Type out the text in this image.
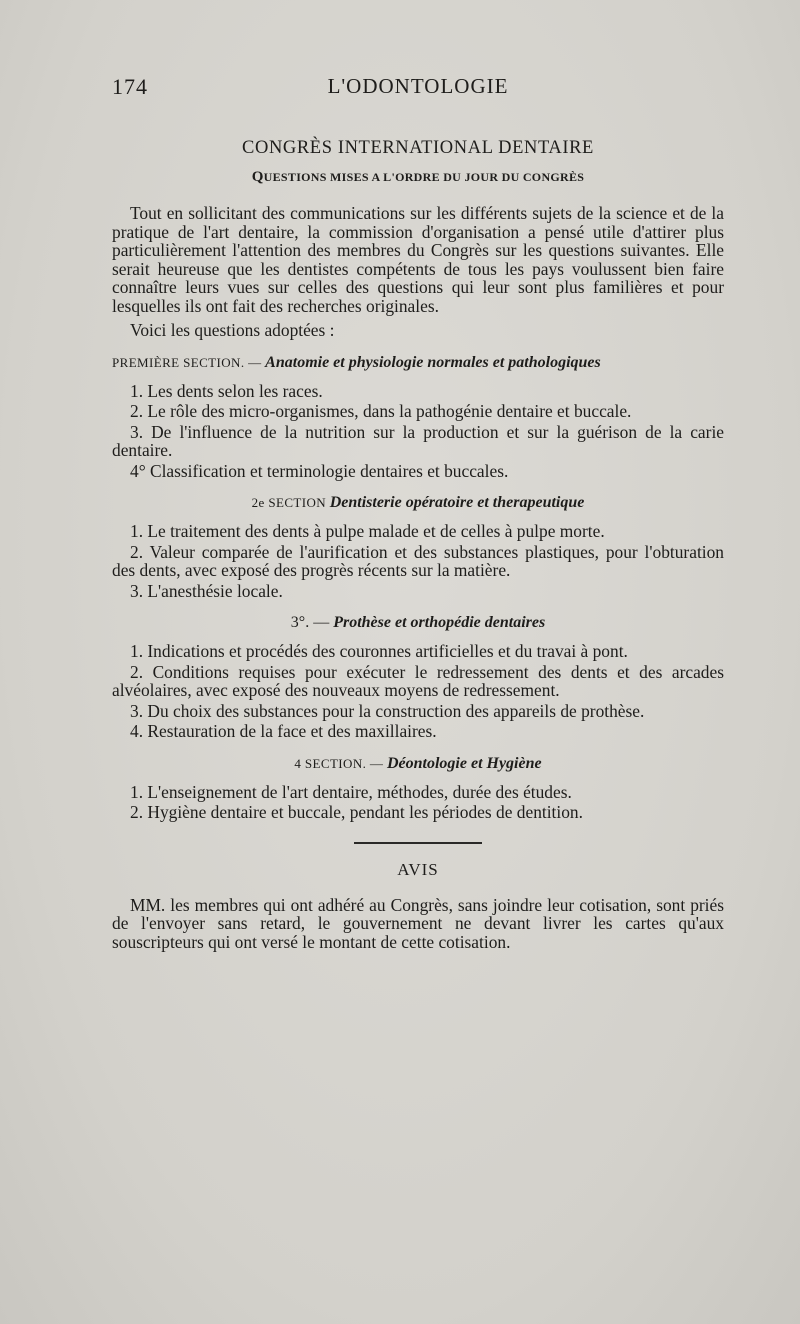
174	L'ODONTOLOGIE
CONGRÈS INTERNATIONAL DENTAIRE
QUESTIONS MISES A L'ORDRE DU JOUR DU CONGRÈS

Tout en sollicitant des communications sur les différents sujets de la science et de la pratique de l'art dentaire, la commission d'organisation a pensé utile d'attirer plus particulièrement l'attention des membres du Congrès sur les questions suivantes. Elle serait heureuse que les dentistes compétents de tous les pays voulussent bien faire connaître leurs vues sur celles des questions qui leur sont plus familières et pour lesquelles ils ont fait des recherches originales.

Voici les questions adoptées :

PREMIÈRE SECTION. — Anatomie et physiologie normales et pathologiques

1. Les dents selon les races.

2. Le rôle des micro-organismes, dans la pathogénie dentaire et buccale.

3. De l'influence de la nutrition sur la production et sur la guérison de la carie dentaire.

4° Classification et terminologie dentaires et buccales.

2e SECTION Dentisterie opératoire et therapeutique

1. Le traitement des dents à pulpe malade et de celles à pulpe morte.

2. Valeur comparée de l'aurification et des substances plastiques, pour l'obturation des dents, avec exposé des progrès récents sur la matière.

3. L'anesthésie locale.

3°. — Prothèse et orthopédie dentaires

1. Indications et procédés des couronnes artificielles et du travai à pont.

2. Conditions requises pour exécuter le redressement des dents et des arcades alvéolaires, avec exposé des nouveaux moyens de redressement.

3. Du choix des substances pour la construction des appareils de prothèse.

4. Restauration de la face et des maxillaires.

4 SECTION. — Déontologie et Hygiène

1. L'enseignement de l'art dentaire, méthodes, durée des études.

2. Hygiène dentaire et buccale, pendant les périodes de dentition.

AVIS

MM. les membres qui ont adhéré au Congrès, sans joindre leur cotisation, sont priés de l'envoyer sans retard, le gouvernement ne devant livrer les cartes qu'aux souscripteurs qui ont versé le montant de cette cotisation.
